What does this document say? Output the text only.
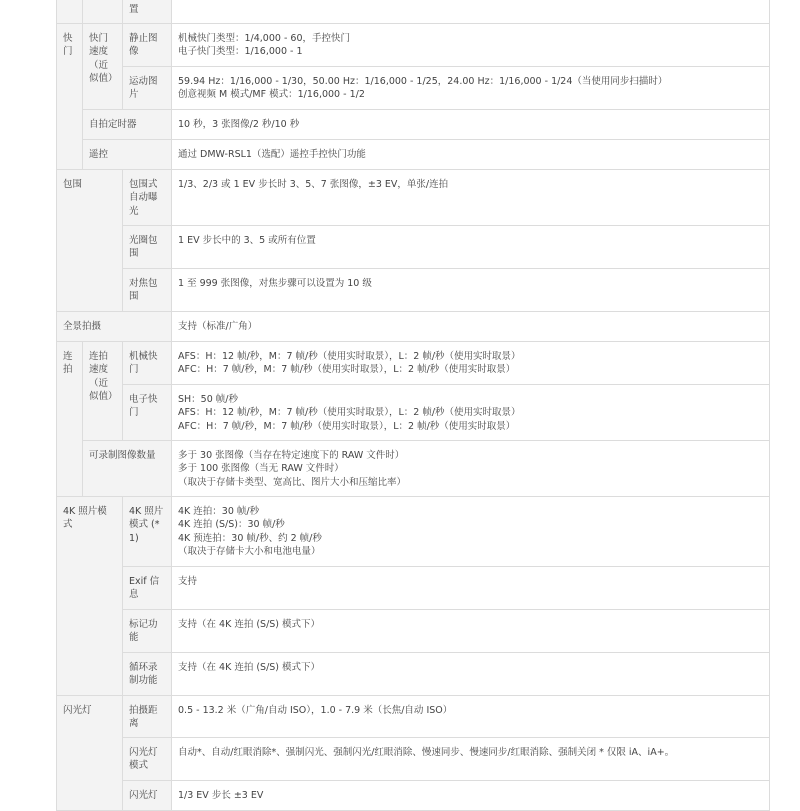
		置	
快门	快门速度（近似值）	静止图像	机械快门类型：1/4,000 - 60，手控快门
电子快门类型：1/16,000 - 1

		运动图片	59.94 Hz：1/16,000 - 1/30，50.00 Hz：1/16,000 - 1/25，24.00 Hz：1/16,000 - 1/24（当使用同步扫描时）
创意视频 M 模式/MF 模式：1/16,000 - 1/2

	自拍定时器		10 秒，3 张图像/2 秒/10 秒
	遥控		通过 DMW-RSL1（选配）遥控手控快门功能
包围		包围式自动曝光	1/3、2/3 或 1 EV 步长时 3、5、7 张图像，±3 EV，单张/连拍
		光圈包围	1 EV 步长中的 3、5 或所有位置
		对焦包围	1 至 999 张图像，对焦步骤可以设置为 10 级
全景拍摄			支持（标准/广角）
连拍	连拍速度（近似值）	机械快门	AFS：H：12 帧/秒，M：7 帧/秒（使用实时取景），L：2 帧/秒（使用实时取景）
AFC：H：7 帧/秒，M：7 帧/秒（使用实时取景），L：2 帧/秒（使用实时取景）

		电子快门	SH：50 帧/秒
AFS：H：12 帧/秒，M：7 帧/秒（使用实时取景），L：2 帧/秒（使用实时取景）
AFC：H：7 帧/秒，M：7 帧/秒（使用实时取景），L：2 帧/秒（使用实时取景）

	可录制图像数量		多于 30 张图像（当存在特定速度下的 RAW 文件时）
多于 100 张图像（当无 RAW 文件时）
（取决于存储卡类型、宽高比、图片大小和压缩比率）

4K 照片模式		4K 照片模式 (*1)	4K 连拍：30 帧/秒
4K 连拍 (S/S)：30 帧/秒
4K 预连拍：30 帧/秒、约 2 帧/秒
（取决于存储卡大小和电池电量）

		Exif 信息	支持
		标记功能	支持（在 4K 连拍 (S/S) 模式下）
		循环录制功能	支持（在 4K 连拍 (S/S) 模式下）
闪光灯		拍摄距离	0.5 - 13.2 米（广角/自动 ISO），1.0 - 7.9 米（长焦/自动 ISO）
		闪光灯模式	自动*、自动/红眼消除*、强制闪光、强制闪光/红眼消除、慢速同步、慢速同步/红眼消除、强制关闭 * 仅限 iA、iA+。
		闪光灯	1/3 EV 步长 ±3 EV
